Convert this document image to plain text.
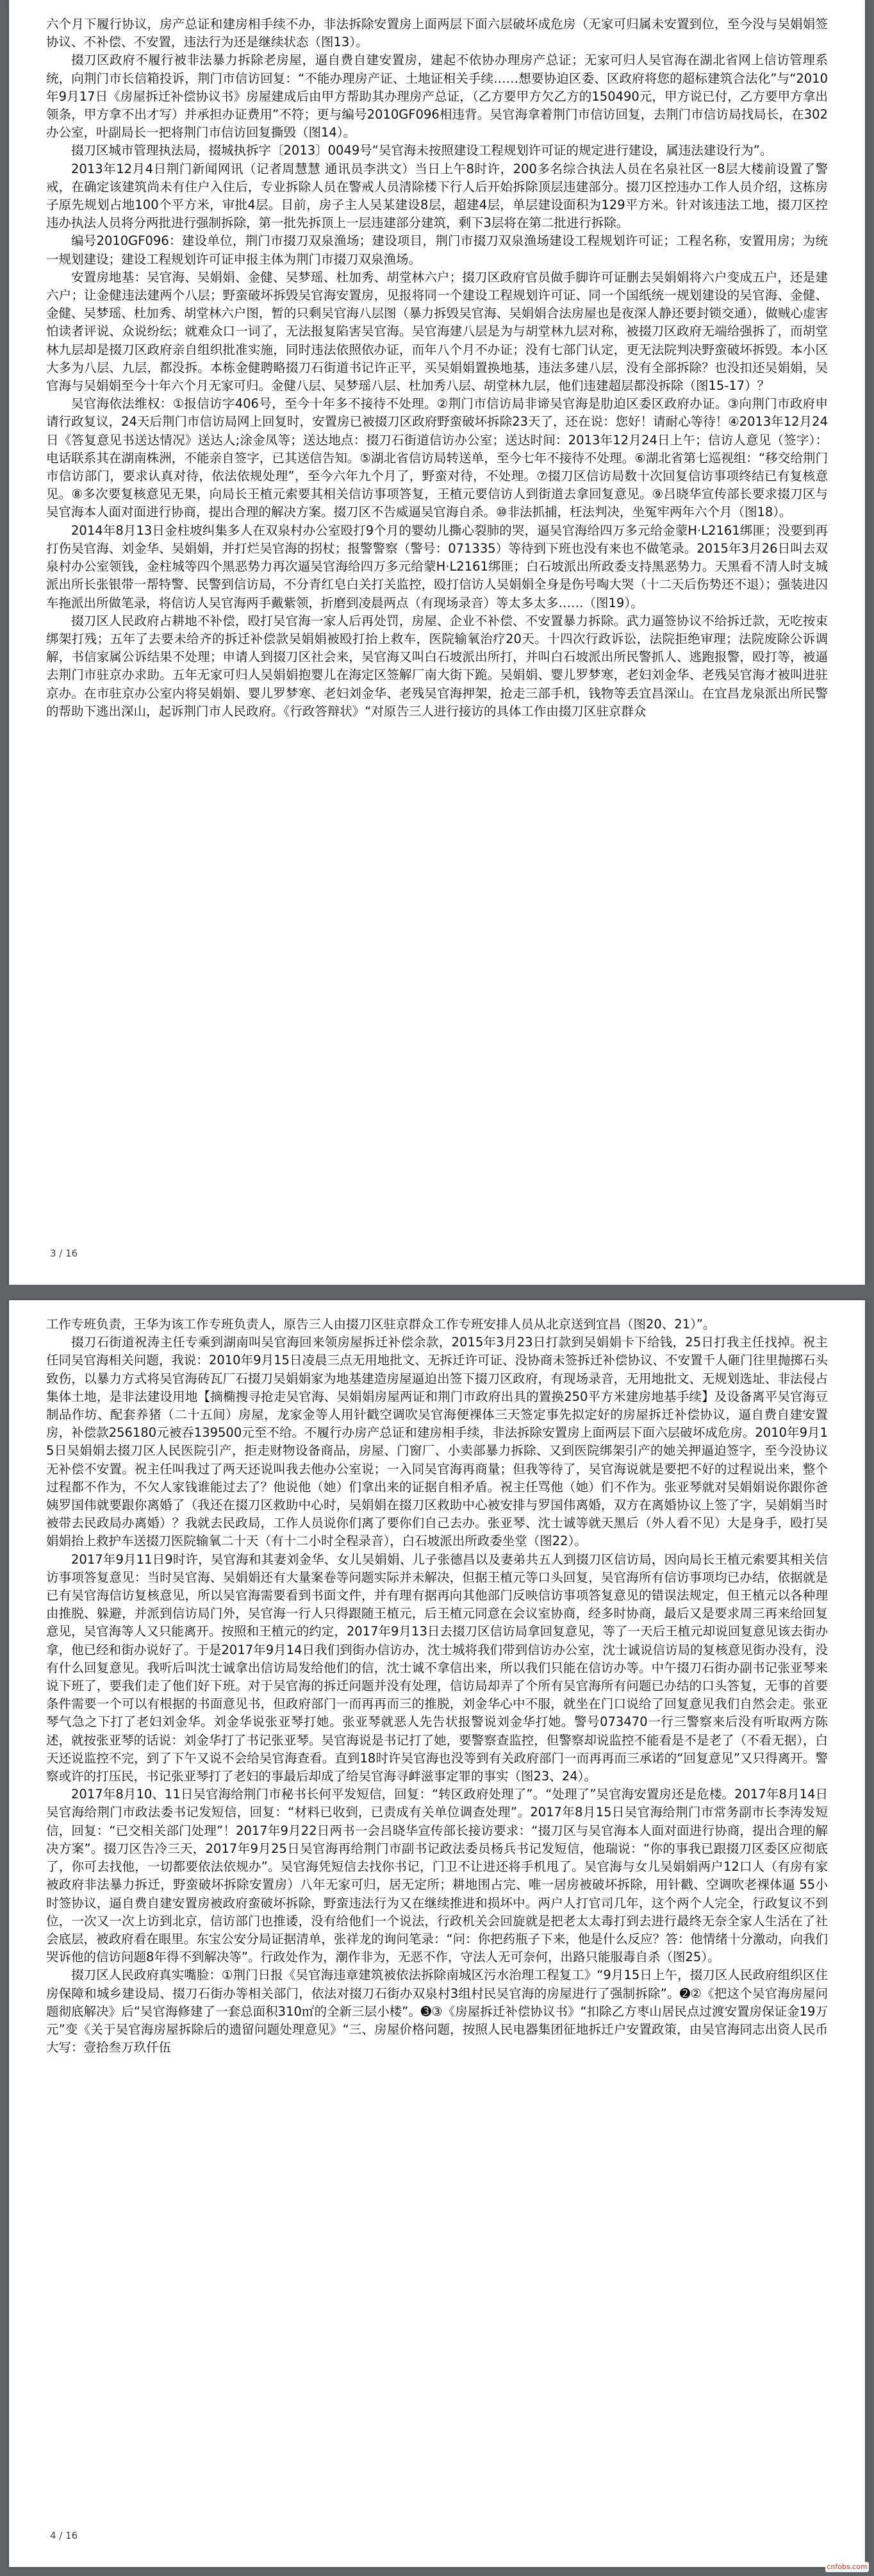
六个月下履行协议，房产总证和建房相手续不办，非法拆除安置房上面两层下面六层破坏成危房（无家可归属未安置到位，至今没与吴娟娟签协议、不补偿、不安置，违法行为还是继续状态（图13）。

掇刀区政府不履行被非法暴力拆除老房屋，逼自费自建安置房，建起不依协办理房产总证；无家可归人吴官海在湖北省网上信访管理系统，向荆门市长信箱投诉，荆门市信访回复：“不能办理房产证、土地证相关手续……想要协迫区委、区政府将您的超标建筑合法化”与“2010年9月17日《房屋拆迁补偿协议书》房屋建成后由甲方帮助其办理房产总证，（乙方要甲方欠乙方的150490元，甲方说已付，乙方要甲方拿出领条，甲方拿不出才写）并承担办证费用”不符；更与编号2010GF096相违背。吴官海拿着荆门市信访回复，去荆门市信访局找局长，在302办公室，叶副局长一把将荆门市信访回复撕毁（图14）。

掇刀区城市管理执法局，掇城执拆字〔2013〕0049号“吴官海未按照建设工程规划许可证的规定进行建设，属违法建设行为”。

2013年12月4日荆门新闻网讯（记者周慧慧 通讯员李洪文）当日上午8时许，200多名综合执法人员在名泉社区一8层大楼前设置了警戒，在确定该建筑尚未有住户入住后，专业拆除人员在警戒人员清除楼下行人后开始拆除顶层违建部分。掇刀区控违办工作人员介绍，这栋房子原先规划占地100个平方米，审批4层。目前，房子主人吴某建设8层，超建4层，单层建设面积为129平方米。针对该违法工地，掇刀区控违办执法人员将分两批进行强制拆除，第一批先拆顶上一层违建部分建筑，剩下3层将在第二批进行拆除。

编号2010GF096：建设单位，荆门市掇刀双泉渔场；建设项目，荆门市掇刀双泉渔场建设工程规划许可证；工程名称，安置用房；为统一规划建设；建设工程规划许可证申报主体为荆门市掇刀双泉渔场。

安置房地基：吴官海、吴娟娟、金健、吴梦瑶、杜加秀、胡堂林六户；掇刀区政府官员做手脚许可证删去吴娟娟将六户变成五户，还是建六户；让金健违法建两个八层；野蛮破坏拆毁吴官海安置房，见报将同一个建设工程规划许可证、同一个国纸统一规划建设的吴官海、金健、金健、吴梦瑶、杜加秀、胡堂林六户图，暂的只剩吴官海八层图（暴力拆毁吴官海、吴娟娟合法房屋也是夜深人静还要封锁交通），做贼心虚害怕读者评说、众说纷纭；就难众口一词了，无法报复陷害吴官海。吴官海建八层是为与胡堂林九层对称，被掇刀区政府无端给强拆了，而胡堂林九层却是掇刀区政府亲自组织批准实施，同时违法依照依办证，而年八个月不办证；没有七部门认定，更无法院判决野蛮破坏拆毁。本小区大多为八层、九层，都没拆。本栋金健聘略掇刀石街道书记许正平，买吴娟娟置换地基，违法多建八层，没有全部拆除？也没扣还吴娟娟，吴官海与吴娟娟至今十年六个月无家可归。金健八层、吴梦瑶八层、杜加秀八层、胡堂林九层，他们违建超层都没拆除（图15-17）？

吴官海依法维权：①报信访字406号，至今十年多不接待不处理。②荆门市信访局非谛吴官海是肋迫区委区政府办证。③向荆门市政府申请行政复议，24天后荆门市信访局网上回复时，安置房已被掇刀区政府野蛮破坏拆除23天了，还在说：您好！请耐心等待！④2013年12月24日《答复意见书送达情况》送达人;涂金凤等；送达地点：掇刀石街道信访办公室；送达时间：2013年12月24日上午；信访人意见（签字）：电话联系其在湖南株洲，不能亲自签字，已其送信告知。⑤湖北省信访局转送单，至今七年不接待不处理。⑥湖北省第七巡视组：“移交给荆门市信访部门，要求认真对待，依法依规处理”，至今六年九个月了，野蛮对待，不处理。⑦掇刀区信访局数十次回复信访事项终结已有复核意见。⑧多次要复核意见无果，向局长王植元索要其相关信访事项答复，王植元要信访人到街道去拿回复意见。⑨吕晓华宣传部长要求掇刀区与吴官海本人面对面进行协商，提出合理的解决方案。掇刀区不告威逼吴官海自杀。⑩非法抓捕，枉法判决，坐冤牢两年六个月（图18）。

2014年8月13日金柱坡纠集多人在双泉村办公室殴打9个月的婴幼儿撕心裂肺的哭，逼吴官海给四万多元给金蒙H·L2161绑匪；没要到再打伤吴官海、刘金华、吴娟娟，并打烂吴官海的拐杖；报警警察（警号：071335）等待到下班也没有来也不做笔录。2015年3月26日叫去双泉村办公室领钱，金柱城等四个黑恶势力再次逼吴官海给四万多元给蒙H·L2161绑匪；白石坡派出所政委支持黑恶势力。天黑看不清人时支城派出所长张银带一帮特警、民警到信访局，不分青红皂白关打关监控，殴打信访人吴娟娟全身是伤号啕大哭（十二天后伤势还不退）；强装进囚车拖派出所做笔录，将信访人吴官海两手戴紫领，折磨到凌晨两点（有现场录音）等太多太多……（图19）。

掇刀区人民政府占耕地不补偿，殴打吴官海一家人后再处罚，房屋、企业不补偿、不安置暴力拆除。武力逼签协议不给拆迁款，无吃按束绑架打残；五年了去要未给齐的拆迁补偿款吴娟娟被殴打抬上救车，医院输氧治疗20天。十四次行政诉讼，法院拒绝审理；法院废除公诉调解，书信家属公诉结果不处理；申请人到掇刀区社会来，吴官海又叫白石坡派出所打，并叫白石坡派出所民警抓人、逃跑报警，殴打等，被逼去荆门市驻京办求助。五年无家可归人吴娟娟抱婴儿在海定区签解厂南大街下跪。吴娟娟、婴儿罗梦寒，老妇刘金华、老残吴官海才被叫进驻京办。在市驻京办公室内将吴娟娟、婴儿罗梦寒、老妇刘金华、老残吴官海押架，抢走三部手机，钱物等丢宜昌深山。在宜昌龙泉派出所民警的帮助下逃出深山，起诉荆门市人民政府。《行政答辩状》“对原告三人进行接访的具体工作由掇刀区驻京群众

3 / 16

工作专班负责，王华为该工作专班负责人，原告三人由掇刀区驻京群众工作专班安排人员从北京送到宜昌（图20、21）”。

掇刀石街道祝涛主任专乘到湖南叫吴官海回来领房屋拆迁补偿余款，2015年3月23日打款到吴娟娟卡下给钱，25日打我主任找掉。祝主任同吴官海相关问题，我说：2010年9月15日凌晨三点无用地批文、无拆迁许可证、没协商未签拆迁补偿协议、不安置千人砸门往里抛掷石头致伤，以暴力方式将吴官海砖瓦厂石掇刀吴娟娟家为地基建造房屋逼迫出签下掇刀区政府，有现场录音，无用地批文、无规划选址、非法侵占集体土地，是非法建设用地【摘椭搜寻抢走吴官海、吴娟娟房屋两证和荆门市政府出具的置换250平方米建房地基手续】及设备离平吴官海豆制品作坊、配套养猪（二十五间）房屋，龙家金等人用针戳空调吹吴官海便裸体三天签定事先拟定好的房屋拆迁补偿协议，逼自费自建安置房，补偿款256180元被吞139500元至不给。不履行办房产总证和建房相手续，非法拆除安置房上面两层下面六层破坏成危房。2010年9月15日吴娟娟去掇刀区人民医院引产，拒走财物设备商品，房屋、门窗厂、小卖部暴力拆除、又到医院绑架引产的她关押逼迫签字，至今没协议无补偿不安置。祝主任叫我过了两天还说叫我去他办公室说；一入同吴官海再商量；但我等待了，吴官海说就是要把不好的过程说出来，整个过程都不作为，不欠人家钱谁能过去了？他说他（她）们拿出来的证据自相矛盾。祝主任骂他（她）们不作为。张亚琴就对吴娟娟说你跟你爸姨罗国伟就要跟你离婚了（我还在掇刀区救助中心时，吴娟娟在掇刀区救助中心被安排与罗国伟离婚，双方在离婚协议上签了字，吴娟娟当时被带去民政局办离婚）？我就去民政局，工作人员说你们离了要你们自己去办。张亚琴、沈士诚等就天黑后（外人看不见）大是身手，殴打吴娟娟抬上救护车送掇刀医院输氧二十天（有十二小时全程录音），白石坡派出所政委坐堂（图22）。

2017年9月11日9时许，吴官海和其妻刘金华、女儿吴娟娟、儿子张德昌以及妻弟共五人到掇刀区信访局，因向局长王植元索要其相关信访事项答复意见：当时吴官海、吴娟娟还有大量案卷等问题实际并未解决，但据王植元等口头回复，吴官海所有信访事项均已办结，依据就是已有吴官海信访复核意见，所以吴官海需要看到书面文件，并有理有据再向其他部门反映信访事项答复意见的错误法规定，但王植元以各种理由推脱、躲避，并派到信访局门外，吴官海一行人只得跟随王植元，后王植元同意在会议室协商，经多时协商，最后又是要求周三再来给回复意见，吴官海等人又只能离开。按照和王植元的约定，2017年9月13日去掇刀区信访局拿回复意见，等了一天后王植元却说回复意见该去街办拿，他已经和街办说好了。于是2017年9月14日我们到街办信访办，沈士城将我们带到信访办公室，沈士诚说信访局的复核意见街办没有，没有什么回复意见。我听后叫沈士诚拿出信访局发给他们的信，沈士诚不拿信出来，所以我们只能在信访办等。中午掇刀石街办副书记张亚琴来说下班了，要我们走了他们好下班。对于吴官海的拆迁问题并没有处理，信访局却弄了个所有吴官海所有问题已办结的口头答复，无事的首要条件需要一个可以有根据的书面意见书，但政府部门一而再再而三的推脱，刘金华心中不服，就坐在门口说给了回复意见我们自然会走。张亚琴气急之下打了老妇刘金华。刘金华说张亚琴打她。张亚琴就恶人先告状报警说刘金华打她。警号073470一行三警察来后没有听取两方陈述，就按张亚琴的话说：刘金华打了书记张亚琴。吴官海说是书记打了她，要警察查监控，但警察却说监控不能看是不是老了（不看无据），白天还说监控不完，到了下午又说不会给吴官海查看。直到18时许吴官海也没等到有关政府部门一而再再而三承诺的“回复意见”又只得离开。警察或许的打压民，书记张亚琴打了老妇的事最后却成了给吴官海寻衅滋事定罪的事实（图23、24）。

2017年8月10、11日吴官海给荆门市秘书长何平发短信，回复：“转区政府处理了”。“处理了”吴官海安置房还是危楼。2017年8月14日吴官海给荆门市政法委书记发短信，回复：“材料已收到，已责成有关单位调查处理”。2017年8月15日吴官海给荆门市常务副市长李涛发短信，回复：“已交相关部门处理”！2017年9月22日两书一会吕晓华宣传部长接访要求：“掇刀区与吴官海本人面对面进行协商，提出合理的解决方案”。掇刀区告冷三天，2017年9月25日吴官海再给荆门市副书记政法委员杨兵书记发短信，他瑞说：“你的事我已跟掇刀区委区应彻底了，你可去找他，一切都要依法依规办”。吴官海凭短信去找你书记，门卫不让进还将手机甩了。吴官海与女儿吴娟娟两户12口人（有房有家被政府非法暴力拆迁，野蛮破坏拆除安置房）八年无家可归，居无定所；耕地围占完、唯一居房被破坏拆除，用针戳、空调吹老裸体逼 55小时签协议，逼自费自建安置房被政府蛮破坏拆除，野蛮违法行为又在继续推进和损坏中。两户人打官司几年，这个两个人完全，行政复议不到位，一次又一次上访到北京，信访部门也推诿，没有给他们一个说法，行政机关会回旋就是把老太太毒打到去进行最终无奈全家人生活在了社会底层，被政府看在眼里。东宝公安分局证据清单，张祥龙的询问笔录：“问：你把药瓶子下来，他是什么反应？答：他情绪十分激动，向我们哭诉他的信访问题8年得不到解决等”。行政处作为，潮作非为，无恶不作，守法人无可奈何，出路只能服毒自杀（图25）。

掇刀区人民政府真实嘴脸：①荆门日报《吴官海违章建筑被依法拆除南城区污水治理工程复工》“9月15日上午，掇刀区人民政府组织区住房保障和城乡建设局、掇刀石街办等相关部门，依法对掇刀石街办双泉村3组村民吴官海的房屋进行了强制拆除”。➋②《把这个吴官海房屋问题彻底解决》后“吴官海修建了一套总面积310㎡的全新三层小楼”。➌③《房屋拆迁补偿协议书》“扣除乙方枣山居民点过渡安置房保证金19万元”变《关于吴官海房屋拆除后的遗留问题处理意见》“三、房屋价格问题，按照人民电器集团征地拆迁户安置政策，由吴官海同志出资人民币大写：壹拾叁万玖仟伍

4 / 16
cnfobs.com
